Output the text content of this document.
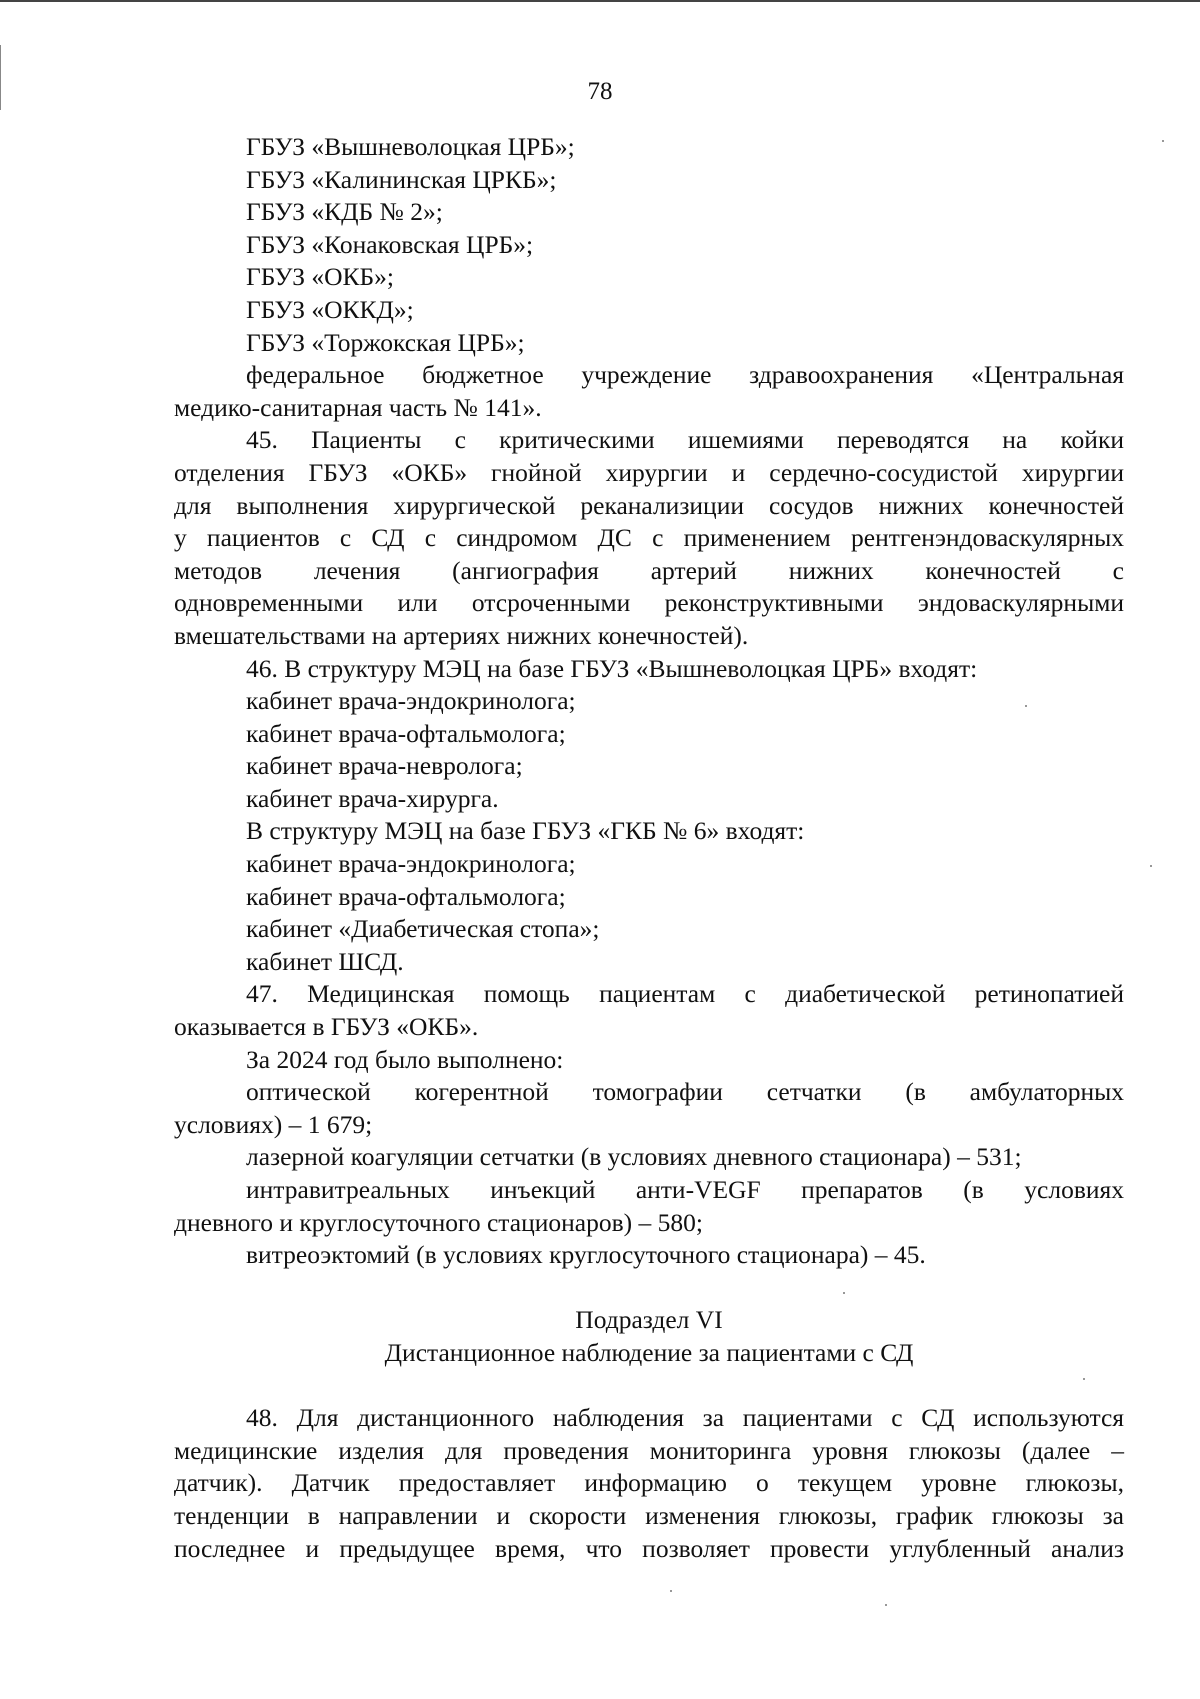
78
ГБУЗ «Вышневолоцкая ЦРБ»;
ГБУЗ «Калининская ЦРКБ»;
ГБУЗ «КДБ № 2»;
ГБУЗ «Конаковская ЦРБ»;
ГБУЗ «ОКБ»;
ГБУЗ «ОККД»;
ГБУЗ «Торжокская ЦРБ»;
федеральное бюджетное учреждение здравоохранения «Центральная
медико-санитарная часть № 141».
45. Пациенты с критическими ишемиями переводятся на койки
отделения ГБУЗ «ОКБ» гнойной хирургии и сердечно-сосудистой хирургии
для выполнения хирургической реканализиции сосудов нижних конечностей
у пациентов с СД с синдромом ДС с применением рентгенэндоваскулярных
методов лечения (ангиография артерий нижних конечностей с
одновременными или отсроченными реконструктивными эндоваскулярными
вмешательствами на артериях нижних конечностей).
46. В структуру МЭЦ на базе ГБУЗ «Вышневолоцкая ЦРБ» входят:
кабинет врача-эндокринолога;
кабинет врача-офтальмолога;
кабинет врача-невролога;
кабинет врача-хирурга.
В структуру МЭЦ на базе ГБУЗ «ГКБ № 6» входят:
кабинет врача-эндокринолога;
кабинет врача-офтальмолога;
кабинет «Диабетическая стопа»;
кабинет ШСД.
47. Медицинская помощь пациентам с диабетической ретинопатией
оказывается в ГБУЗ «ОКБ».
За 2024 год было выполнено:
оптической когерентной томографии сетчатки (в амбулаторных
условиях) – 1 679;
лазерной коагуляции сетчатки (в условиях дневного стационара) – 531;
интравитреальных инъекций анти-VEGF препаратов (в условиях
дневного и круглосуточного стационаров) – 580;
витреоэктомий (в условиях круглосуточного стационара) – 45.
Подраздел VI
Дистанционное наблюдение за пациентами с СД
48. Для дистанционного наблюдения за пациентами с СД используются
медицинские изделия для проведения мониторинга уровня глюкозы (далее –
датчик). Датчик предоставляет информацию о текущем уровне глюкозы,
тенденции в направлении и скорости изменения глюкозы, график глюкозы за
последнее и предыдущее время, что позволяет провести углубленный анализ
